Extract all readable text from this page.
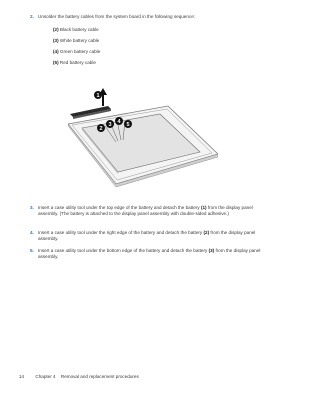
2. Unsolder the battery cables from the system board in the following sequence:
(2) Black battery cable
(3) White battery cable
(4) Green battery cable
(5) Red battery cable
1
2
3 4 5
3. Insert a case utility tool under the top edge of the battery and detach the battery (1) from the display panel assembly. (The battery is attached to the display panel assembly with double-sided adhesive.)
4. Insert a case utility tool under the right edge of the battery and detach the battery (2) from the display panel assembly.
5. Insert a case utility tool under the bottom edge of the battery and detach the battery (3) from the display panel assembly.
14 Chapter 4 Removal and replacement procedures
